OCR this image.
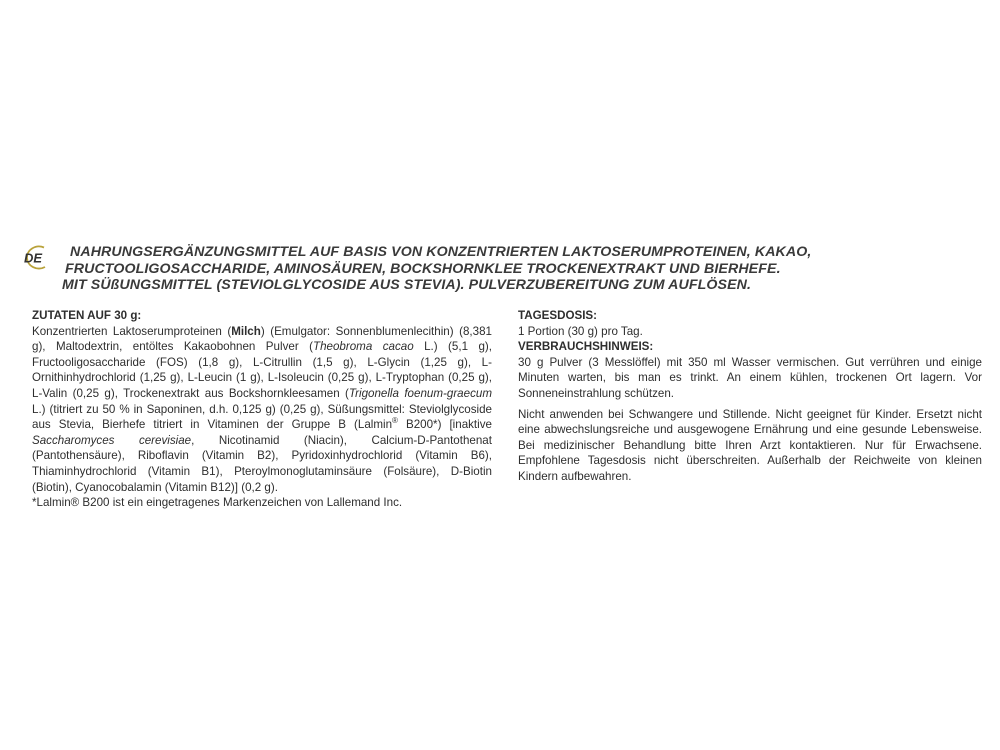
DE	NAHRUNGSERGÄNZUNGSMITTEL AUF BASIS VON KONZENTRIERTEN LAKTOSERUMPROTEINEN, KAKAO,
FRUCTOOLIGOSACCHARIDE, AMINOSÄUREN, BOCKSHORNKLEE TROCKENEXTRAKT UND BIERHEFE.
MIT SÜßUNGSMITTEL (STEVIOLGLYCOSIDE AUS STEVIA). PULVERZUBEREITUNG ZUM AUFLÖSEN.
ZUTATEN AUF 30 g:
Konzentrierten Laktoserumproteinen (Milch) (Emulgator: Sonnenblumenlecithin) (8,381 g), Maltodextrin, entöltes Kakaobohnen Pulver (Theobroma cacao L.) (5,1 g), Fructooligosaccharide (FOS) (1,8 g), L-Citrullin (1,5 g), L-Glycin (1,25 g), L-Ornithinhydrochlorid (1,25 g), L-Leucin (1 g), L-Isoleucin (0,25 g), L-Tryptophan (0,25 g), L-Valin (0,25 g), Trockenextrakt aus Bockshornkleesamen (Trigonella foenum-graecum L.) (titriert zu 50 % in Saponinen, d.h. 0,125 g) (0,25 g), Süßungsmittel: Steviolglycoside aus Stevia, Bierhefe titriert in Vitaminen der Gruppe B (Lalmin® B200*) [inaktive Saccharomyces cerevisiae, Nicotinamid (Niacin), Calcium-D-Pantothenat (Pantothensäure), Riboflavin (Vitamin B2), Pyridoxinhydrochlorid (Vitamin B6), Thiaminhydrochlorid (Vitamin B1), Pteroylmonoglutaminsäure (Folsäure), D-Biotin (Biotin), Cyanocobalamin (Vitamin B12)] (0,2 g).
*Lalmin® B200 ist ein eingetragenes Markenzeichen von Lallemand Inc.
TAGESDOSIS:
1 Portion (30 g) pro Tag.
VERBRAUCHSHINWEIS:
30 g Pulver (3 Messlöffel) mit 350 ml Wasser vermischen. Gut verrühren und einige Minuten warten, bis man es trinkt. An einem kühlen, trockenen Ort lagern. Vor Sonneneinstrahlung schützen.
Nicht anwenden bei Schwangere und Stillende. Nicht geeignet für Kinder. Ersetzt nicht eine abwechslungsreiche und ausgewogene Ernährung und eine gesunde Lebensweise. Bei medizinischer Behandlung bitte Ihren Arzt kontaktieren. Nur für Erwachsene. Empfohlene Tagesdosis nicht überschreiten. Außerhalb der Reichweite von kleinen Kindern aufbewahren.
